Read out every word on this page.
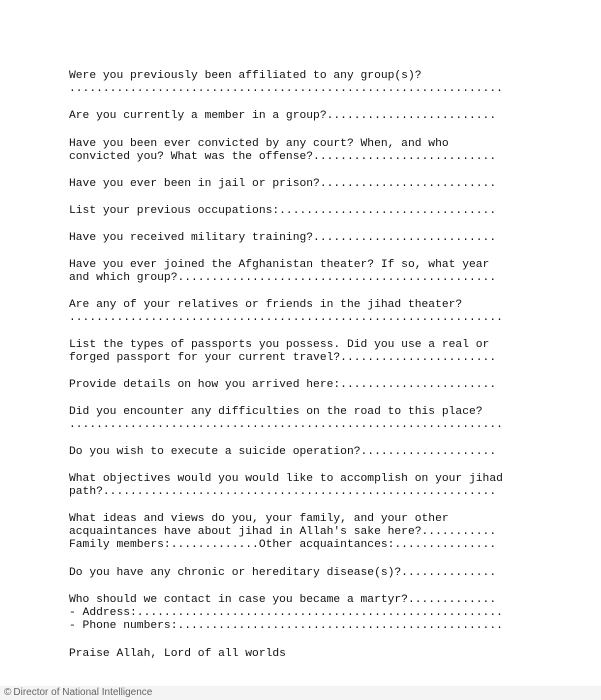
Were you previously been affiliated to any group(s)?
................................................................
Are you currently a member in a group?.........................
Have you been ever convicted by any court? When, and who
convicted you? What was the offense?...........................
Have you ever been in jail or prison?..........................
List your previous occupations:................................
Have you received military training?...........................
Have you ever joined the Afghanistan theater? If so, what year
and which group?...............................................
Are any of your relatives or friends in the jihad theater?
................................................................
List the types of passports you possess. Did you use a real or
forged passport for your current travel?.......................
Provide details on how you arrived here:.......................
Did you encounter any difficulties on the road to this place?
................................................................
Do you wish to execute a suicide operation?....................
What objectives would you would like to accomplish on your jihad
path?..........................................................
What ideas and views do you, your family, and your other
acquaintances have about jihad in Allah's sake here?...........
Family members:.............Other acquaintances:...............
Do you have any chronic or hereditary disease(s)?..............
Who should we contact in case you became a martyr?.............
- Address:......................................................
- Phone numbers:................................................
Praise Allah, Lord of all worlds
© Director of National Intelligence
